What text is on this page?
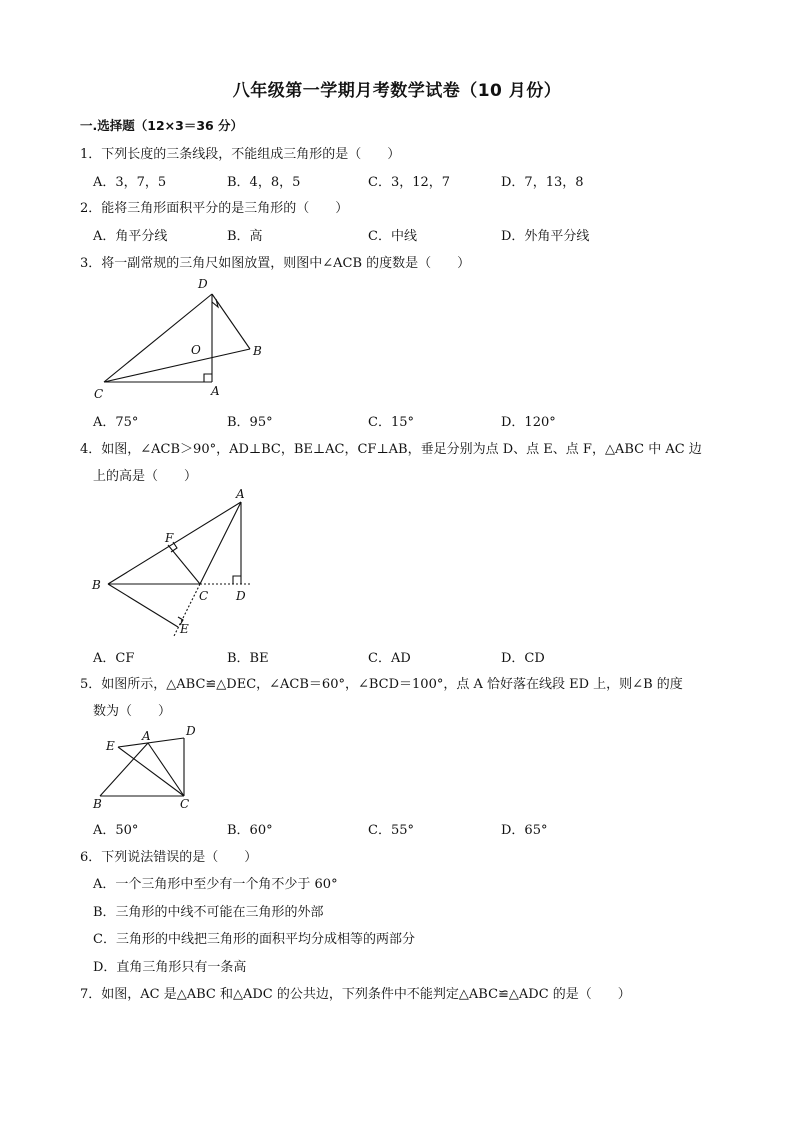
八年级第一学期月考数学试卷（10 月份）
一.选择题（12×3＝36 分）
1．下列长度的三条线段，不能组成三角形的是（　　）
A．3，7，5	B．4，8，5	C．3，12，7	D．7，13，8
2．能将三角形面积平分的是三角形的（　　）
A．角平分线	B．高	C．中线	D．外角平分线
3．将一副常规的三角尺如图放置，则图中∠ACB 的度数是（　　）
D
O	B
C	A
A．75°	B．95°	C．15°	D．120°
4．如图，∠ACB＞90°，AD⊥BC，BE⊥AC，CF⊥AB，垂足分别为点 D、点 E、点 F，△ABC 中 AC 边
上的高是（　　）
A
F
B
C D
E
A．CF	B．BE	C．AD	D．CD
5．如图所示，△ABC≌△DEC，∠ACB＝60°，∠BCD＝100°，点 A 恰好落在线段 ED 上，则∠B 的度
数为（　　）
E
A	D
B	C
A．50°	B．60°	C．55°	D．65°
6．下列说法错误的是（　　）
A．一个三角形中至少有一个角不少于 60°
B．三角形的中线不可能在三角形的外部
C．三角形的中线把三角形的面积平均分成相等的两部分
D．直角三角形只有一条高
7．如图，AC 是△ABC 和△ADC 的公共边，下列条件中不能判定△ABC≌△ADC 的是（　　）
